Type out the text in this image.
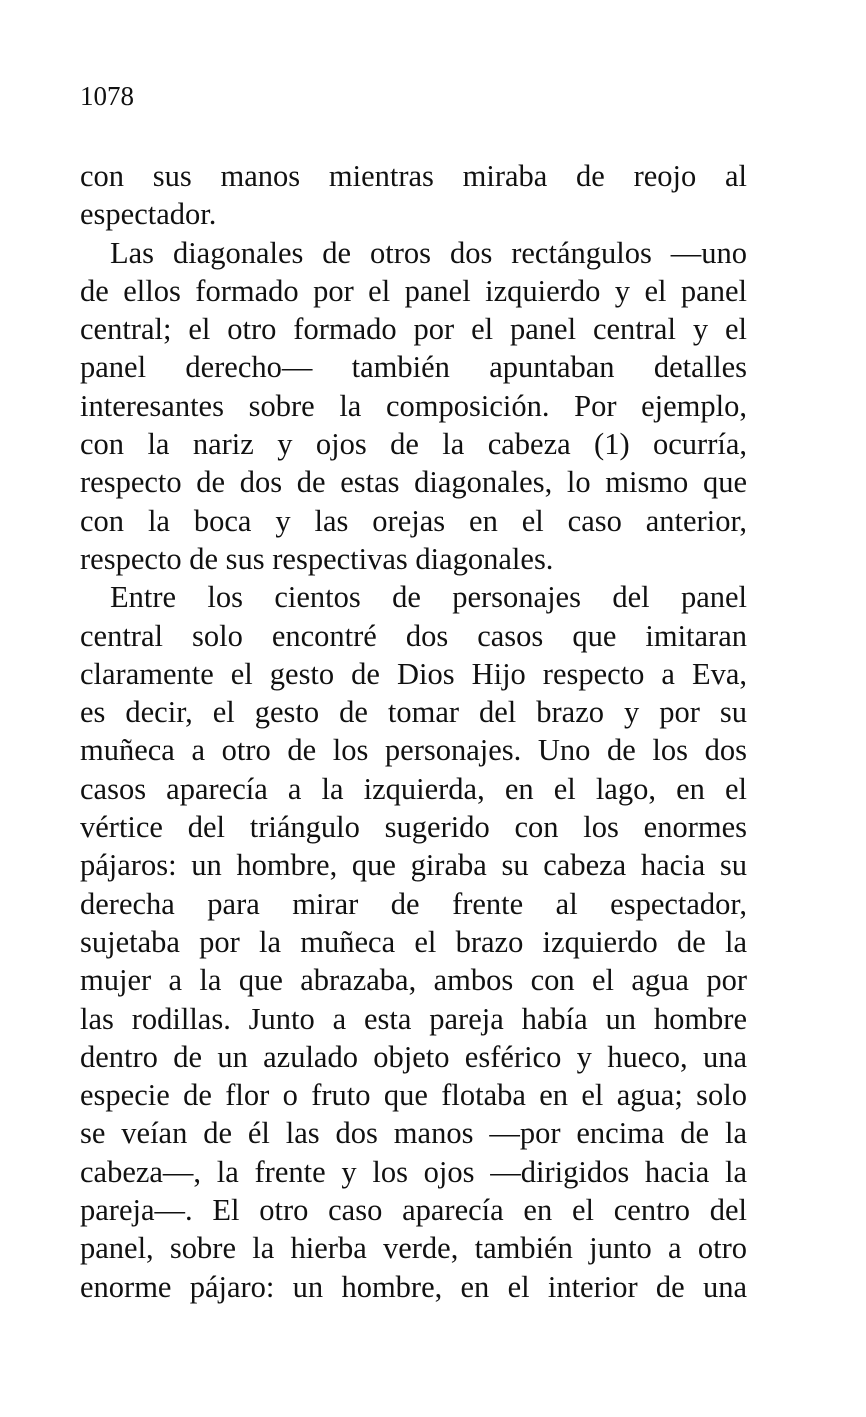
1078
con sus manos mientras miraba de reojo al
espectador.
Las diagonales de otros dos rectángulos —uno
de ellos formado por el panel izquierdo y el panel
central; el otro formado por el panel central y el
panel derecho— también apuntaban detalles
interesantes sobre la composición. Por ejemplo,
con la nariz y ojos de la cabeza (1) ocurría,
respecto de dos de estas diagonales, lo mismo que
con la boca y las orejas en el caso anterior,
respecto de sus respectivas diagonales.
Entre los cientos de personajes del panel
central solo encontré dos casos que imitaran
claramente el gesto de Dios Hijo respecto a Eva,
es decir, el gesto de tomar del brazo y por su
muñeca a otro de los personajes. Uno de los dos
casos aparecía a la izquierda, en el lago, en el
vértice del triángulo sugerido con los enormes
pájaros: un hombre, que giraba su cabeza hacia su
derecha para mirar de frente al espectador,
sujetaba por la muñeca el brazo izquierdo de la
mujer a la que abrazaba, ambos con el agua por
las rodillas. Junto a esta pareja había un hombre
dentro de un azulado objeto esférico y hueco, una
especie de flor o fruto que flotaba en el agua; solo
se veían de él las dos manos —por encima de la
cabeza—, la frente y los ojos —dirigidos hacia la
pareja—. El otro caso aparecía en el centro del
panel, sobre la hierba verde, también junto a otro
enorme pájaro: un hombre, en el interior de una
